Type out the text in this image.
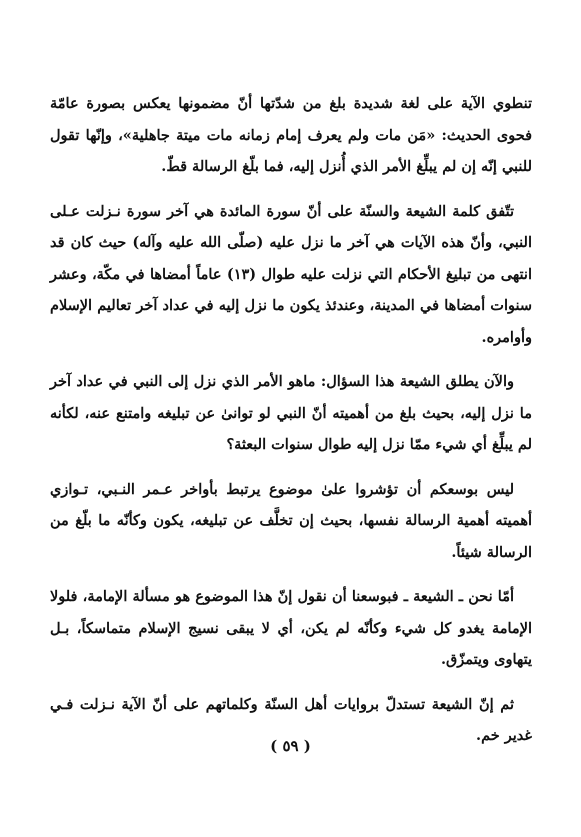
تنطوي الآية على لغة شديدة بلغ من شدّتها أنّ مضمونها يعكس بصورة عامّة فحوى الحديث: «مَن مات ولم يعرف إمام زمانه مات ميتة جاهلية»، وإنّها تقول للنبي إنّه إن لم يبلِّغ الأمر الذي أُنزل إليه، فما بلّغ الرسالة قطّ.

تتّفق كلمة الشيعة والسنّة على أنّ سورة المائدة هي آخر سورة نـزلت عـلى النبي، وأنّ هذه الآيات هي آخر ما نزل عليه (صلّى الله عليه وآله) حيث كان قد انتهى من تبليغ الأحكام التي نزلت عليه طوال (١٣) عاماً أمضاها في مكّة، وعشر سنوات أمضاها في المدينة، وعندئذ يكون ما نزل إليه في عداد آخر تعاليم الإسلام وأوامره.

والآن يطلق الشيعة هذا السؤال: ماهو الأمر الذي نزل إلى النبي في عداد آخر ما نزل إليه، بحيث بلغ من أهميته أنّ النبي لو توانىٰ عن تبليغه وامتنع عنه، لكأنه لم يبلِّغ أي شيء ممّا نزل إليه طوال سنوات البعثة؟

ليس بوسعكم أن تؤشروا علىٰ موضوع يرتبط بأواخر عـمر النـبي، تـوازي أهميته أهمية الرسالة نفسها، بحيث إن تخلَّف عن تبليغه، يكون وكأنّه ما بلّغ من الرسالة شيئاً.

أمّا نحن ـ الشيعة ـ فبوسعنا أن نقول إنّ هذا الموضوع هو مسألة الإمامة، فلولا الإمامة يغدو كل شيء وكأنّه لم يكن، أي لا يبقى نسيج الإسلام متماسكاً، بـل يتهاوى ويتمزّق.

ثم إنّ الشيعة تستدلّ بروايات أهل السنّة وكلماتهم على أنّ الآية نـزلت فـي غدير خم.

( ٥٩ )
